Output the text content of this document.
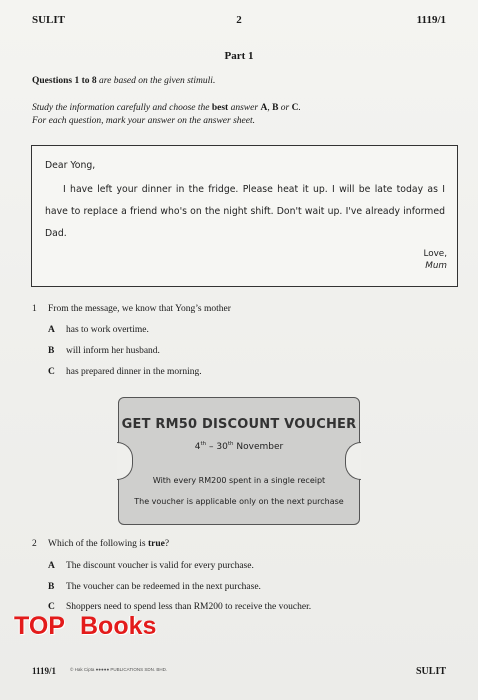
SULIT	2	1119/1
Part 1
Questions 1 to 8 are based on the given stimuli.
Study the information carefully and choose the best answer A, B or C.
For each question, mark your answer on the answer sheet.
Dear Yong,
I have left your dinner in the fridge. Please heat it up. I will be late today as I have to replace a friend who's on the night shift. Don't wait up. I've already informed Dad.
Love,
Mum
1	From the message, we know that Yong’s mother
A has to work overtime.
B will inform her husband.
C has prepared dinner in the morning.
GET RM50 DISCOUNT VOUCHER
4th – 30th November
With every RM200 spent in a single receipt
The voucher is applicable only on the next purchase
2	Which of the following is true?
A The discount voucher is valid for every purchase.
B The voucher can be redeemed in the next purchase.
C Shoppers need to spend less than RM200 to receive the voucher.
1119/1	© Hak Cipta ●●●●● PUBLICATIONS SDN. BHD.	SULIT
TOP Books
